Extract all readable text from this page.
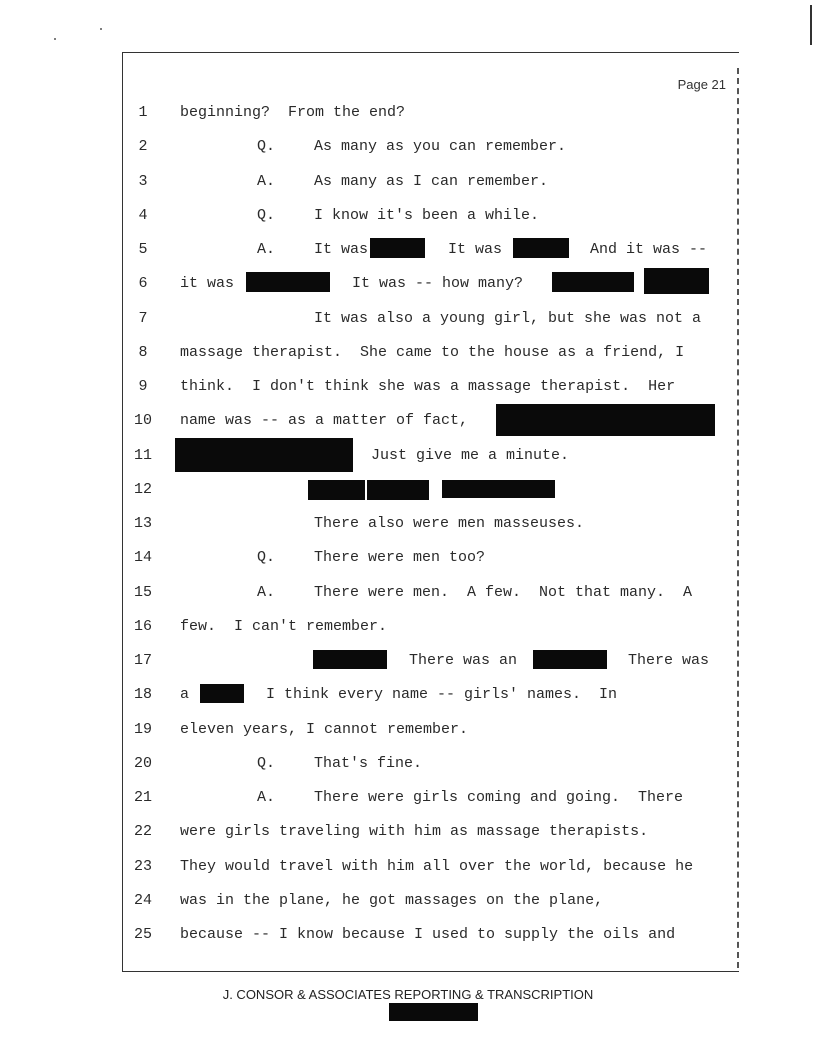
Page 21
1	beginning?  From the end?
2	Q.	As many as you can remember.
3	A.	As many as I can remember.
4	Q.	I know it's been a while.
5	A.	It was	It was	And it was --
6	it was	It was -- how many?
7	It was also a young girl, but she was not a
8	massage therapist.  She came to the house as a friend, I
9	think.  I don't think she was a massage therapist.  Her
10	name was -- as a matter of fact,
11	Just give me a minute.
12
13	There also were men masseuses.
14	Q.	There were men too?
15	A.	There were men.  A few.  Not that many.  A
16	few.  I can't remember.
17	There was an	There was
18	a	I think every name -- girls' names.  In
19	eleven years, I cannot remember.
20	Q.	That's fine.
21	A.	There were girls coming and going.  There
22	were girls traveling with him as massage therapists.
23	They would travel with him all over the world, because he
24	was in the plane, he got massages on the plane,
25	because -- I know because I used to supply the oils and
J. CONSOR & ASSOCIATES REPORTING & TRANSCRIPTION
